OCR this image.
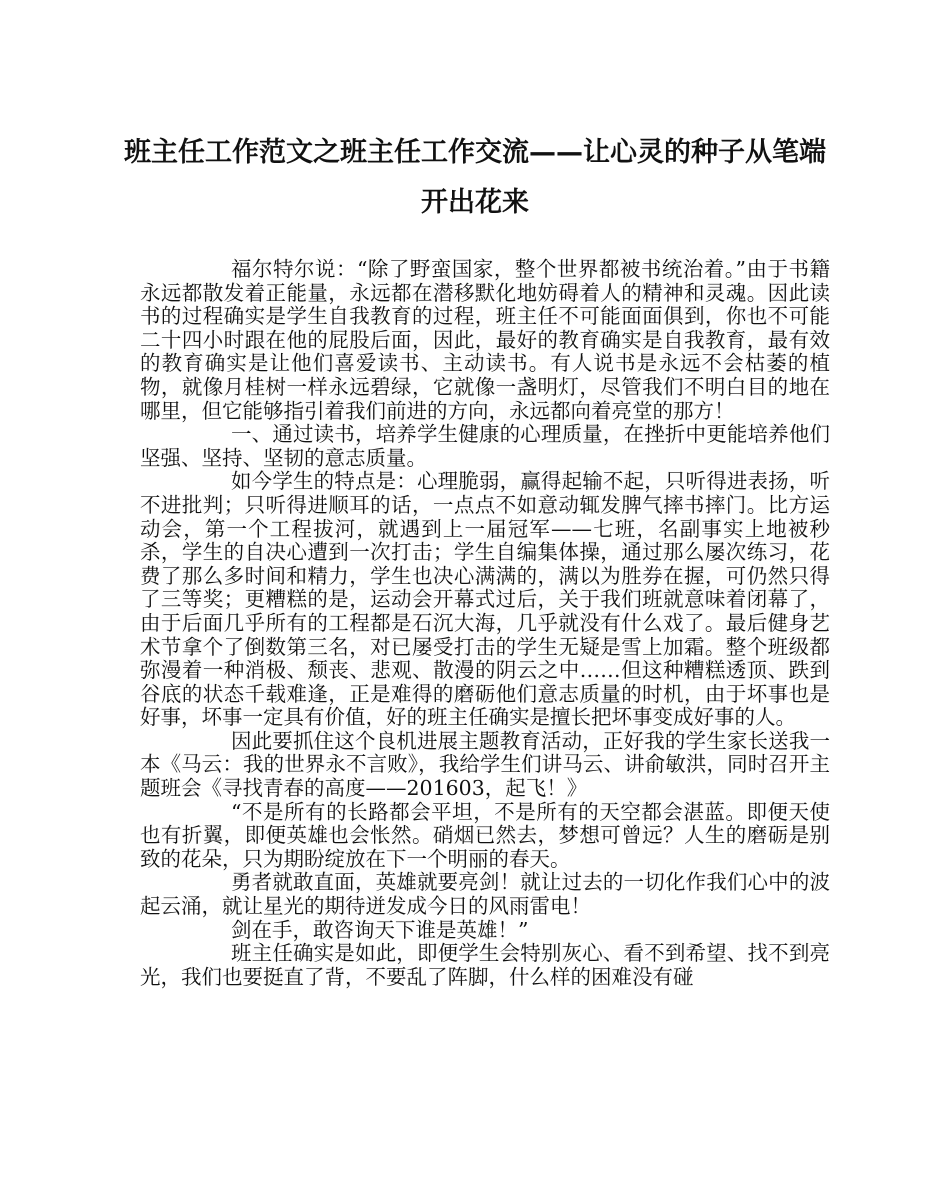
班主任工作范文之班主任工作交流——让心灵的种子从笔端开出花来

福尔特尔说：“除了野蛮国家，整个世界都被书统治着。”由于书籍永远都散发着正能量，永远都在潜移默化地妨碍着人的精神和灵魂。因此读书的过程确实是学生自我教育的过程，班主任不可能面面俱到，你也不可能二十四小时跟在他的屁股后面，因此，最好的教育确实是自我教育，最有效的教育确实是让他们喜爱读书、主动读书。有人说书是永远不会枯萎的植物，就像月桂树一样永远碧绿，它就像一盏明灯，尽管我们不明白目的地在哪里，但它能够指引着我们前进的方向，永远都向着亮堂的那方！

一、通过读书，培养学生健康的心理质量，在挫折中更能培养他们坚强、坚持、坚韧的意志质量。

如今学生的特点是：心理脆弱，赢得起输不起，只听得进表扬，听不进批判；只听得进顺耳的话，一点点不如意动辄发脾气摔书摔门。比方运动会，第一个工程拔河，就遇到上一届冠军——七班，名副事实上地被秒杀，学生的自决心遭到一次打击；学生自编集体操，通过那么屡次练习，花费了那么多时间和精力，学生也决心满满的，满以为胜券在握，可仍然只得了三等奖；更糟糕的是，运动会开幕式过后，关于我们班就意味着闭幕了，由于后面几乎所有的工程都是石沉大海，几乎就没有什么戏了。最后健身艺术节拿个了倒数第三名，对已屡受打击的学生无疑是雪上加霜。整个班级都弥漫着一种消极、颓丧、悲观、散漫的阴云之中……但这种糟糕透顶、跌到谷底的状态千载难逢，正是难得的磨砺他们意志质量的时机，由于坏事也是好事，坏事一定具有价值，好的班主任确实是擅长把坏事变成好事的人。

因此要抓住这个良机进展主题教育活动，正好我的学生家长送我一本《马云：我的世界永不言败》，我给学生们讲马云、讲俞敏洪，同时召开主题班会《寻找青春的高度——201603，起飞！》

“不是所有的长路都会平坦，不是所有的天空都会湛蓝。即便天使也有折翼，即便英雄也会怅然。硝烟已然去，梦想可曾远？人生的磨砺是别致的花朵，只为期盼绽放在下一个明丽的春天。

勇者就敢直面，英雄就要亮剑！就让过去的一切化作我们心中的波起云涌，就让星光的期待迸发成今日的风雨雷电！

剑在手，敢咨询天下谁是英雄！”

班主任确实是如此，即便学生会特别灰心、看不到希望、找不到亮光，我们也要挺直了背，不要乱了阵脚，什么样的困难没有碰
